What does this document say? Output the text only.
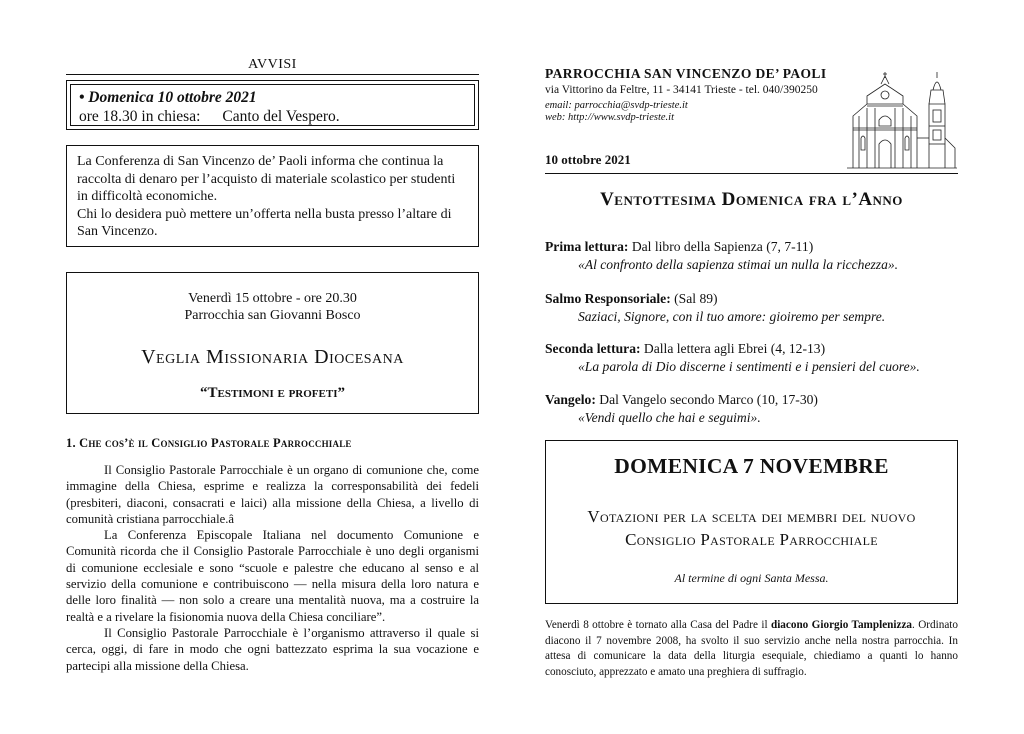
AVVISI
• Domenica 10 ottobre 2021
ore 18.30 in chiesa: Canto del Vespero.
La Conferenza di San Vincenzo de’ Paoli informa che continua la raccolta di denaro per l’acquisto di materiale scolastico per studenti in difficoltà economiche.
Chi lo desidera può mettere un’offerta nella busta presso l’altare di San Vincenzo.
Venerdì 15 ottobre - ore 20.30
Parrocchia san Giovanni Bosco
Veglia Missionaria Diocesana
“Testimoni e profeti”
1. Che cos’è il Consiglio Pastorale Parrocchiale

Il Consiglio Pastorale Parrocchiale è un organo di comunione che, come immagine della Chiesa, esprime e realizza la corresponsabilità dei fedeli (presbiteri, diaconi, consacrati e laici) alla missione della Chiesa, a livello di comunità cristiana parrocchiale.â

La Conferenza Episcopale Italiana nel documento Comunione e Comunità ricorda che il Consiglio Pastorale Parrocchiale è uno degli organismi di comunione ecclesiale e sono “scuole e palestre che educano al senso e al servizio della comunione e contribuiscono — nella misura della loro natura e delle loro finalità — non solo a creare una mentalità nuova, ma a costruire la realtà e a rivelare la fisionomia nuova della Chiesa conciliare”.

Il Consiglio Pastorale Parrocchiale è l’organismo attraverso il quale si cerca, oggi, di fare in modo che ogni battezzato esprima la sua vocazione e partecipi alla missione della Chiesa.

PARROCCHIA SAN VINCENZO DE’ PAOLI
via Vittorino da Feltre, 11 - 34141 Trieste - tel. 040/390250
email: parrocchia@svdp-trieste.it
web: http://www.svdp-trieste.it
10 ottobre 2021
Ventottesima Domenica fra l’Anno
Prima lettura: Dal libro della Sapienza (7, 7-11)
«Al confronto della sapienza stimai un nulla la ricchezza».
Salmo Responsoriale: (Sal 89)
Saziaci, Signore, con il tuo amore: gioiremo per sempre.
Seconda lettura: Dalla lettera agli Ebrei (4, 12-13)
«La parola di Dio discerne i sentimenti e i pensieri del cuore».
Vangelo: Dal Vangelo secondo Marco (10, 17-30)
«Vendi quello che hai e seguimi».
DOMENICA 7 NOVEMBRE
Votazioni per la scelta dei membri del nuovo
Consiglio Pastorale Parrocchiale
Al termine di ogni Santa Messa.
Venerdì 8 ottobre è tornato alla Casa del Padre il diacono Giorgio Tamplenizza. Ordinato diacono il 7 novembre 2008, ha svolto il suo servizio anche nella nostra parrocchia. In attesa di comunicare la data della liturgia esequiale, chiediamo a quanti lo hanno conosciuto, apprezzato e amato una preghiera di suffragio.
